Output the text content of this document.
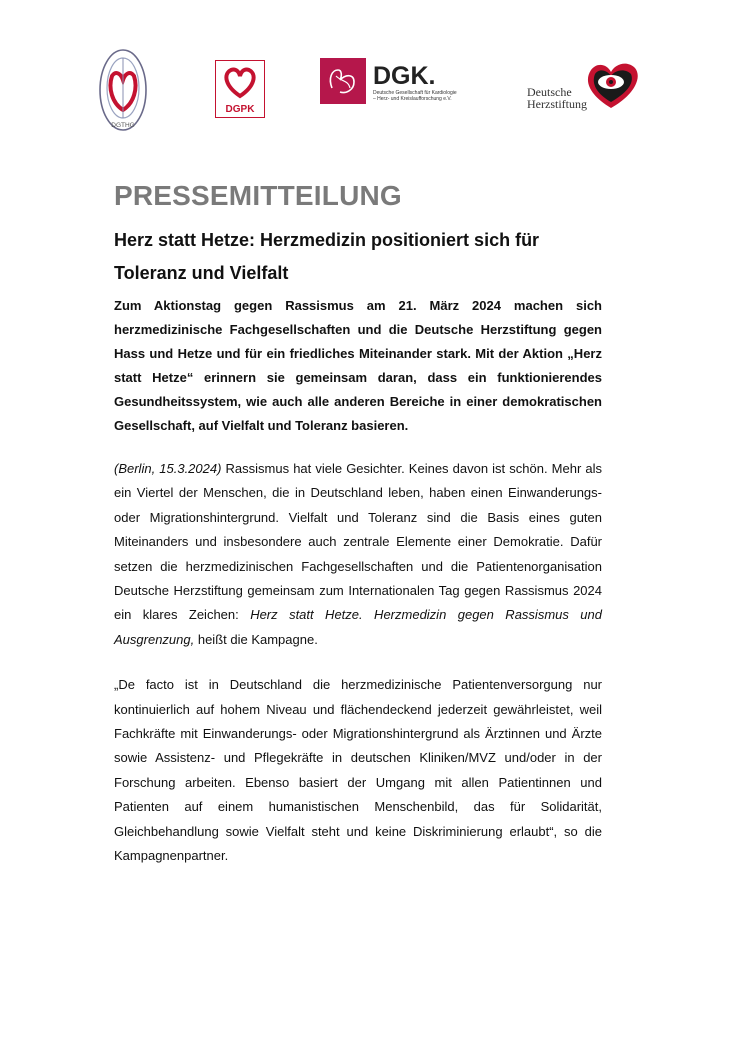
DGTHG
DGPK
DGK.
Deutsche Gesellschaft für Kardiologie
– Herz- und Kreislaufforschung e.V.	Deutsche
Herzstiftung
PRESSEMITTEILUNG
Herz statt Hetze: Herzmedizin positioniert sich für Toleranz und Vielfalt

Zum Aktionstag gegen Rassismus am 21. März 2024 machen sich herzmedizinische Fachgesellschaften und die Deutsche Herzstiftung gegen Hass und Hetze und für ein friedliches Miteinander stark. Mit der Aktion „Herz statt Hetze“ erinnern sie gemeinsam daran, dass ein funktionierendes Gesundheitssystem, wie auch alle anderen Bereiche in einer demokratischen Gesellschaft, auf Vielfalt und Toleranz basieren.

(Berlin, 15.3.2024) Rassismus hat viele Gesichter. Keines davon ist schön. Mehr als ein Viertel der Menschen, die in Deutschland leben, haben einen Einwanderungs- oder Migrationshintergrund. Vielfalt und Toleranz sind die Basis eines guten Miteinanders und insbesondere auch zentrale Elemente einer Demokratie. Dafür setzen die herzmedizinischen Fachgesellschaften und die Patientenorganisation Deutsche Herzstiftung gemeinsam zum Internationalen Tag gegen Rassismus 2024 ein klares Zeichen: Herz statt Hetze. Herzmedizin gegen Rassismus und Ausgrenzung, heißt die Kampagne.

„De facto ist in Deutschland die herzmedizinische Patientenversorgung nur kontinuierlich auf hohem Niveau und flächendeckend jederzeit gewährleistet, weil Fachkräfte mit Einwanderungs- oder Migrationshintergrund als Ärztinnen und Ärzte sowie Assistenz- und Pflegekräfte in deutschen Kliniken/MVZ und/oder in der Forschung arbeiten. Ebenso basiert der Umgang mit allen Patientinnen und Patienten auf einem humanistischen Menschenbild, das für Solidarität, Gleichbehandlung sowie Vielfalt steht und keine Diskriminierung erlaubt“, so die Kampagnenpartner.
